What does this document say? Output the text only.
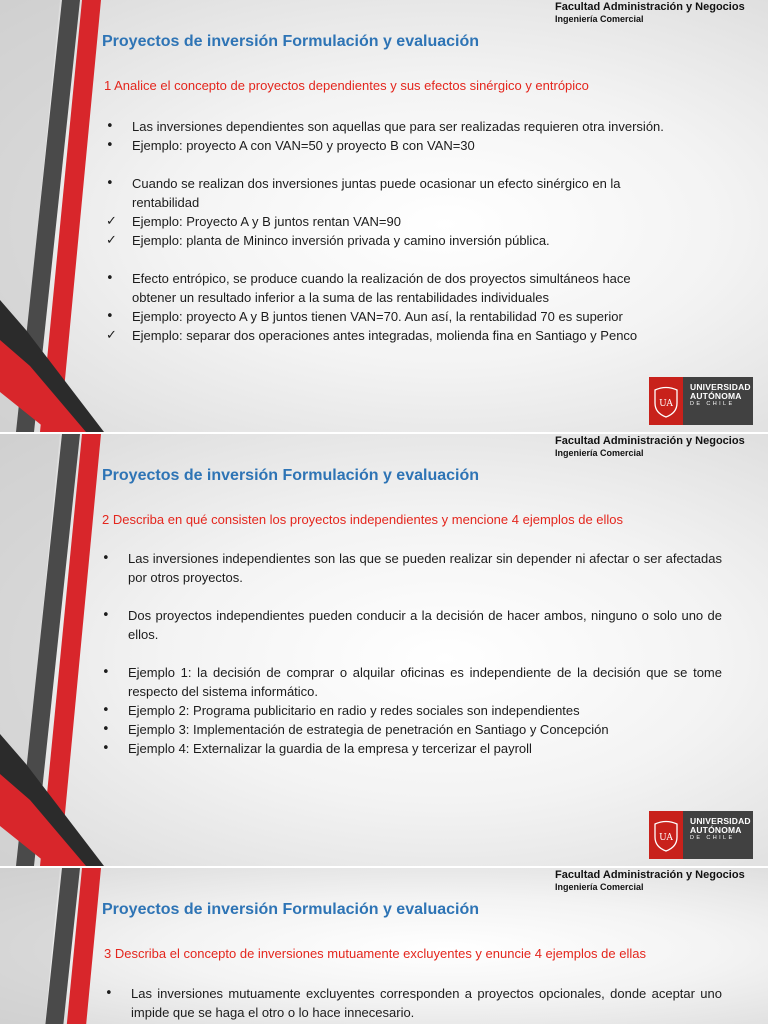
Facultad Administración y Negocios
Ingeniería Comercial
Proyectos de inversión Formulación y evaluación
1 Analice el concepto de proyectos dependientes y sus efectos sinérgico y entrópico
•	Las inversiones dependientes son aquellas que para ser realizadas requieren otra inversión.
•	Ejemplo: proyecto A con VAN=50 y proyecto B con VAN=30
•	Cuando se realizan dos inversiones juntas puede ocasionar un efecto sinérgico en la rentabilidad
✓	Ejemplo: Proyecto A y B juntos rentan VAN=90
✓	Ejemplo: planta de Mininco inversión privada y camino inversión pública.
•	Efecto entrópico, se produce cuando la realización de dos proyectos simultáneos hace obtener un resultado inferior a la suma de las rentabilidades individuales
•	Ejemplo: proyecto A y B juntos tienen VAN=70. Aun así, la rentabilidad 70 es superior
✓	Ejemplo: separar dos operaciones antes integradas, molienda fina en Santiago y Penco
UA
UNIVERSIDAD
AUTÓNOMA
DE CHILE
Facultad Administración y Negocios
Ingeniería Comercial
Proyectos de inversión Formulación y evaluación
2 Describa en qué consisten los proyectos independientes y mencione 4 ejemplos de ellos
•	Las inversiones independientes son las que se pueden realizar sin depender ni afectar o ser afectadas por otros proyectos.
•	Dos proyectos independientes pueden conducir a la decisión de hacer ambos, ninguno o solo uno de ellos.
•	Ejemplo 1: la decisión de comprar o alquilar oficinas es independiente de la decisión que se tome respecto del sistema informático.
•	Ejemplo 2: Programa publicitario en radio y redes sociales son independientes
•	Ejemplo 3: Implementación de estrategia de penetración en Santiago y Concepción
•	Ejemplo 4: Externalizar la guardia de la empresa y tercerizar el payroll
UA
UNIVERSIDAD
AUTÓNOMA
DE CHILE
Facultad Administración y Negocios
Ingeniería Comercial
Proyectos de inversión Formulación y evaluación
3 Describa el concepto de inversiones mutuamente excluyentes y enuncie 4 ejemplos de ellas
•	Las inversiones mutuamente excluyentes corresponden a proyectos opcionales, donde aceptar uno impide que se haga el otro o lo hace innecesario.
